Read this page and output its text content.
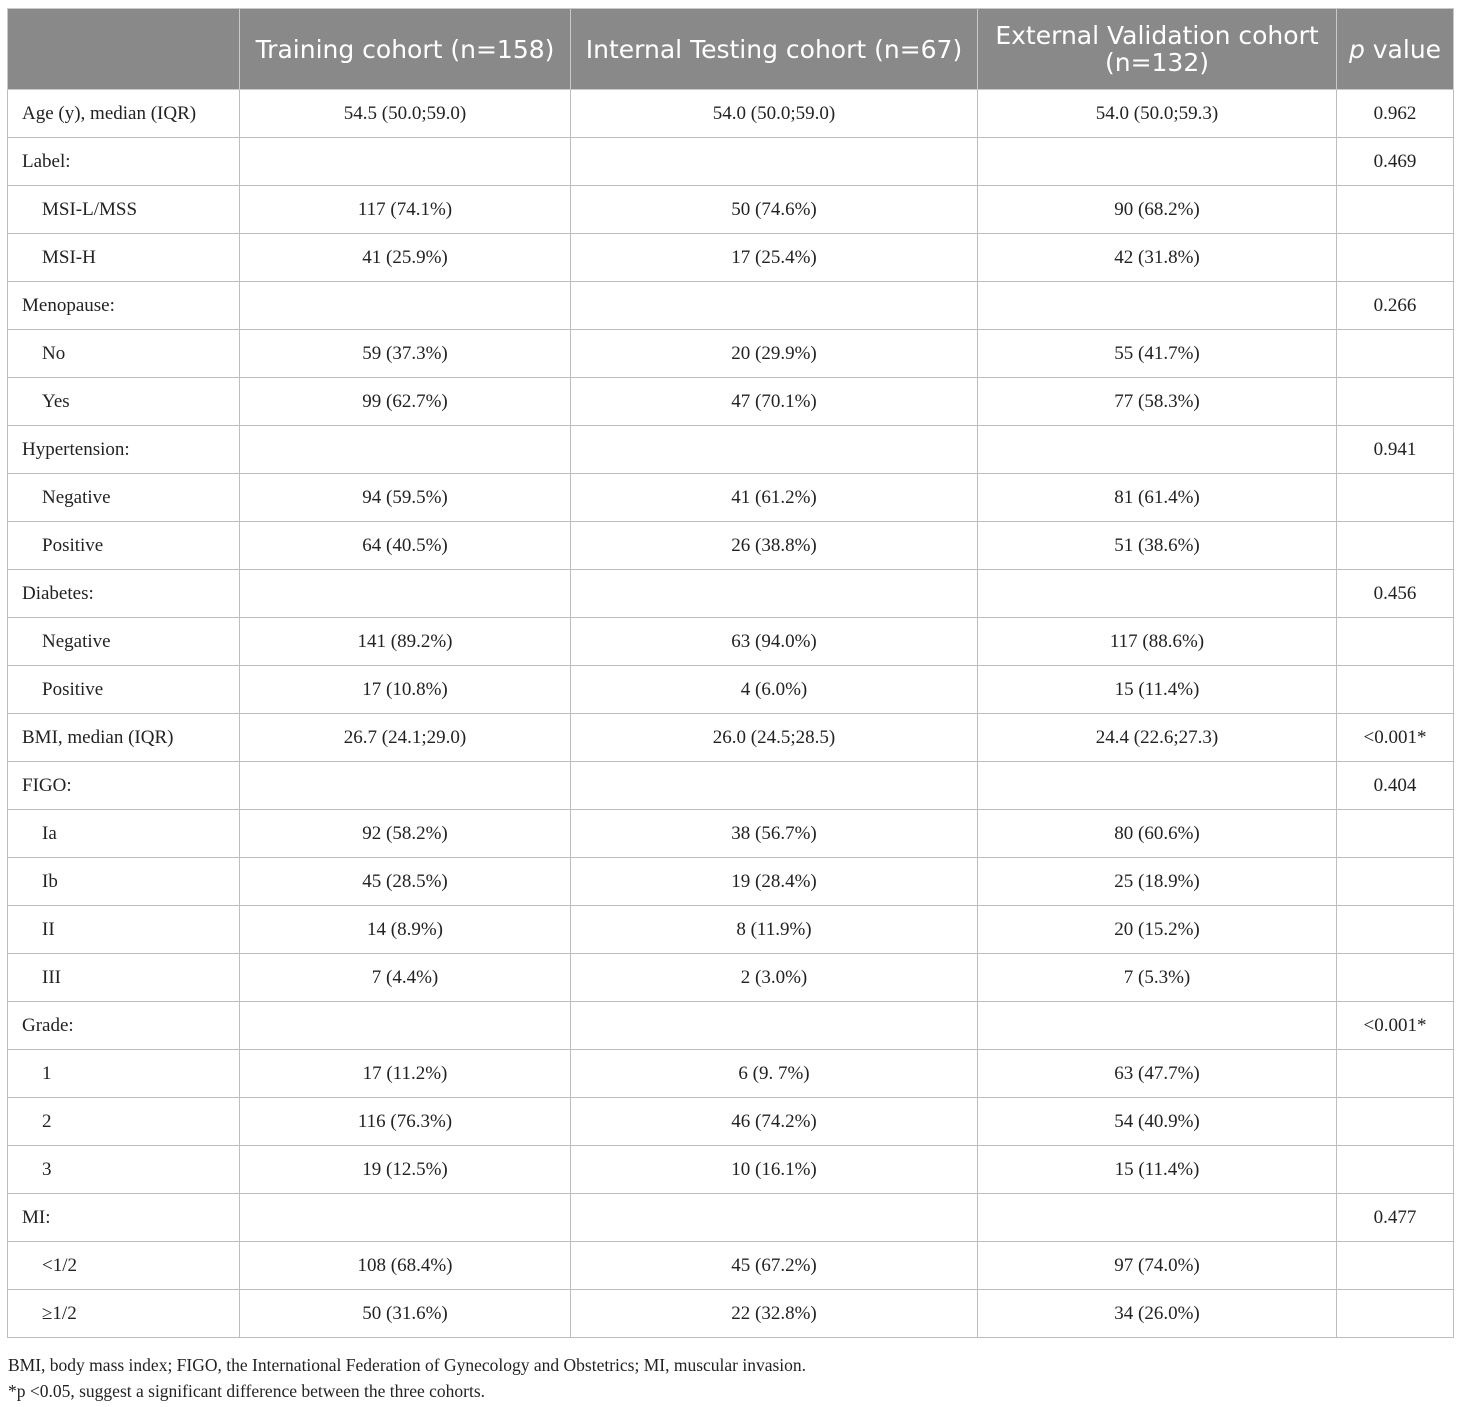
	Training cohort (n=158)	Internal Testing cohort (n=67)	External Validation cohort
(n=132)	p value
Age (y), median (IQR)	54.5 (50.0;59.0)	54.0 (50.0;59.0)	54.0 (50.0;59.3)	0.962
Label:				0.469
MSI-L/MSS	117 (74.1%)	50 (74.6%)	90 (68.2%)	
MSI-H	41 (25.9%)	17 (25.4%)	42 (31.8%)	
Menopause:				0.266
No	59 (37.3%)	20 (29.9%)	55 (41.7%)	
Yes	99 (62.7%)	47 (70.1%)	77 (58.3%)	
Hypertension:				0.941
Negative	94 (59.5%)	41 (61.2%)	81 (61.4%)	
Positive	64 (40.5%)	26 (38.8%)	51 (38.6%)	
Diabetes:				0.456
Negative	141 (89.2%)	63 (94.0%)	117 (88.6%)	
Positive	17 (10.8%)	4 (6.0%)	15 (11.4%)	
BMI, median (IQR)	26.7 (24.1;29.0)	26.0 (24.5;28.5)	24.4 (22.6;27.3)	<0.001*
FIGO:				0.404
Ia	92 (58.2%)	38 (56.7%)	80 (60.6%)	
Ib	45 (28.5%)	19 (28.4%)	25 (18.9%)	
II	14 (8.9%)	8 (11.9%)	20 (15.2%)	
III	7 (4.4%)	2 (3.0%)	7 (5.3%)	
Grade:				<0.001*
1	17 (11.2%)	6 (9. 7%)	63 (47.7%)	
2	116 (76.3%)	46 (74.2%)	54 (40.9%)	
3	19 (12.5%)	10 (16.1%)	15 (11.4%)	
MI:				0.477
<1/2	108 (68.4%)	45 (67.2%)	97 (74.0%)	
≥1/2	50 (31.6%)	22 (32.8%)	34 (26.0%)	
BMI, body mass index; FIGO, the International Federation of Gynecology and Obstetrics; MI, muscular invasion.
*p <0.05, suggest a significant difference between the three cohorts.
